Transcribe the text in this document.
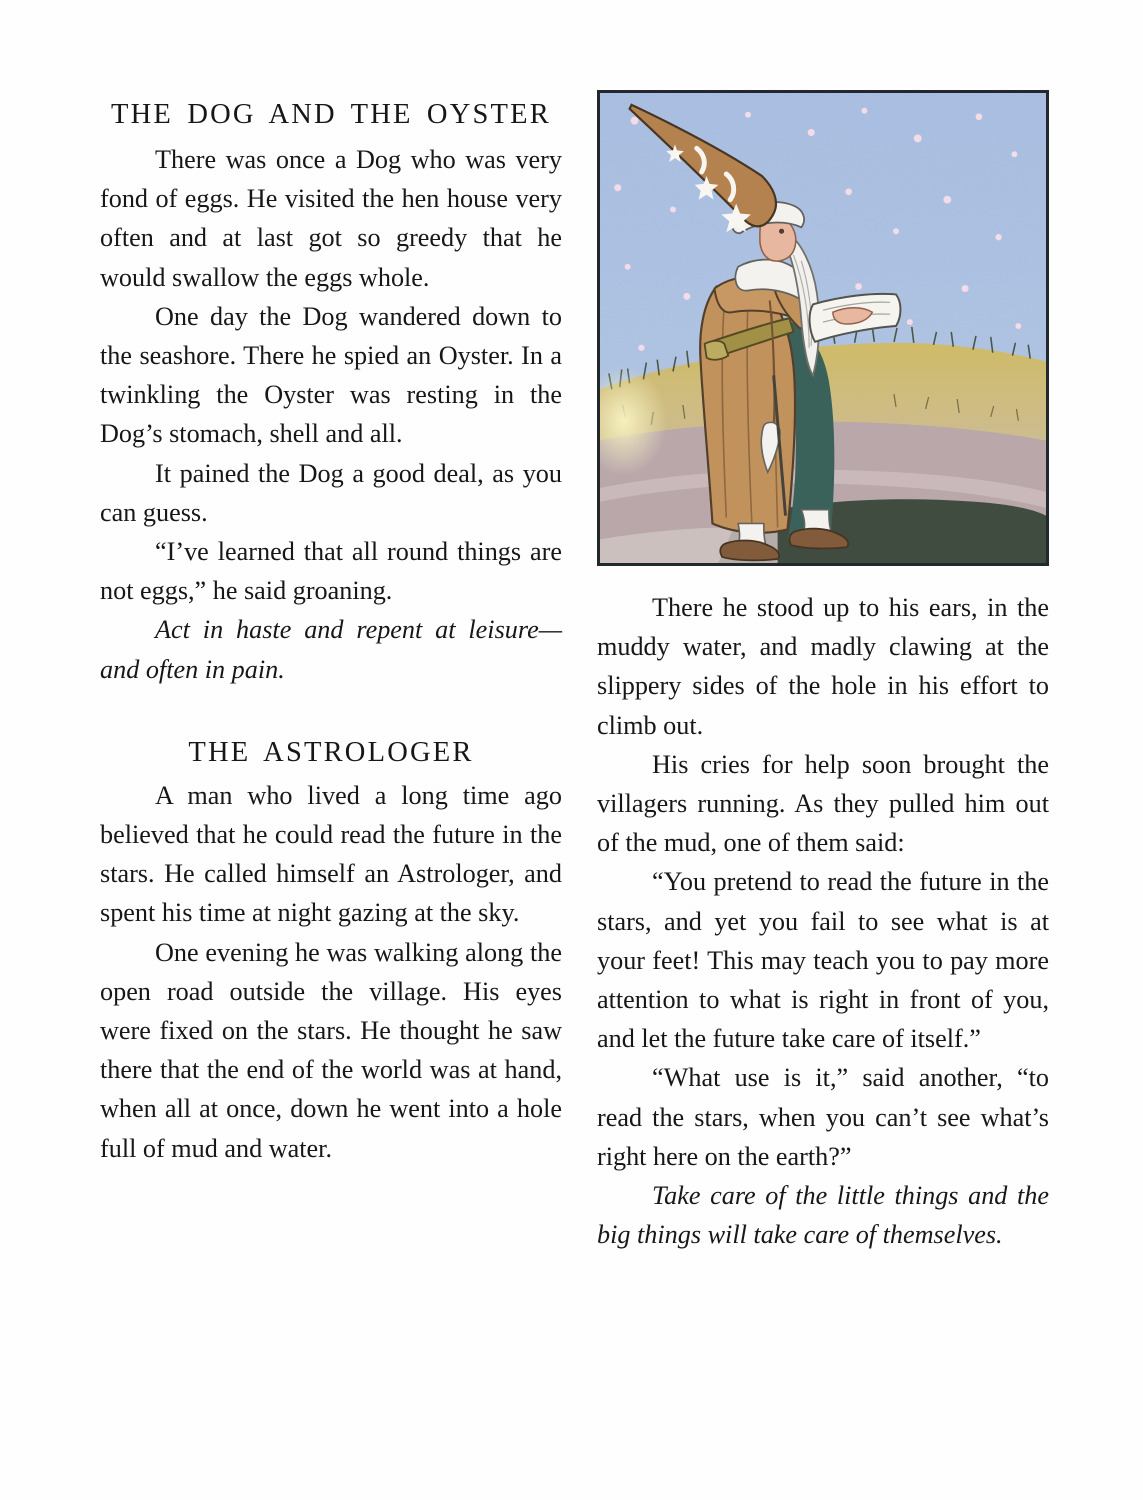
THE DOG AND THE OYSTER

There was once a Dog who was very fond of eggs. He visited the hen house very often and at last got so greedy that he would swallow the eggs whole.

One day the Dog wandered down to the seashore. There he spied an Oyster. In a twinkling the Oyster was resting in the Dog’s stomach, shell and all.

It pained the Dog a good deal, as you can guess.

“I’ve learned that all round things are not eggs,” he said groaning.

Act in haste and repent at leisure—and often in pain.

THE ASTROLOGER

A man who lived a long time ago believed that he could read the future in the stars. He called himself an Astrologer, and spent his time at night gazing at the sky.

One evening he was walking along the open road outside the village. His eyes were fixed on the stars. He thought he saw there that the end of the world was at hand, when all at once, down he went into a hole full of mud and water.

There he stood up to his ears, in the muddy water, and madly clawing at the slippery sides of the hole in his effort to climb out.

His cries for help soon brought the villagers running. As they pulled him out of the mud, one of them said:

“You pretend to read the future in the stars, and yet you fail to see what is at your feet! This may teach you to pay more attention to what is right in front of you, and let the future take care of itself.”

“What use is it,” said another, “to read the stars, when you can’t see what’s right here on the earth?”

Take care of the little things and the big things will take care of themselves.
